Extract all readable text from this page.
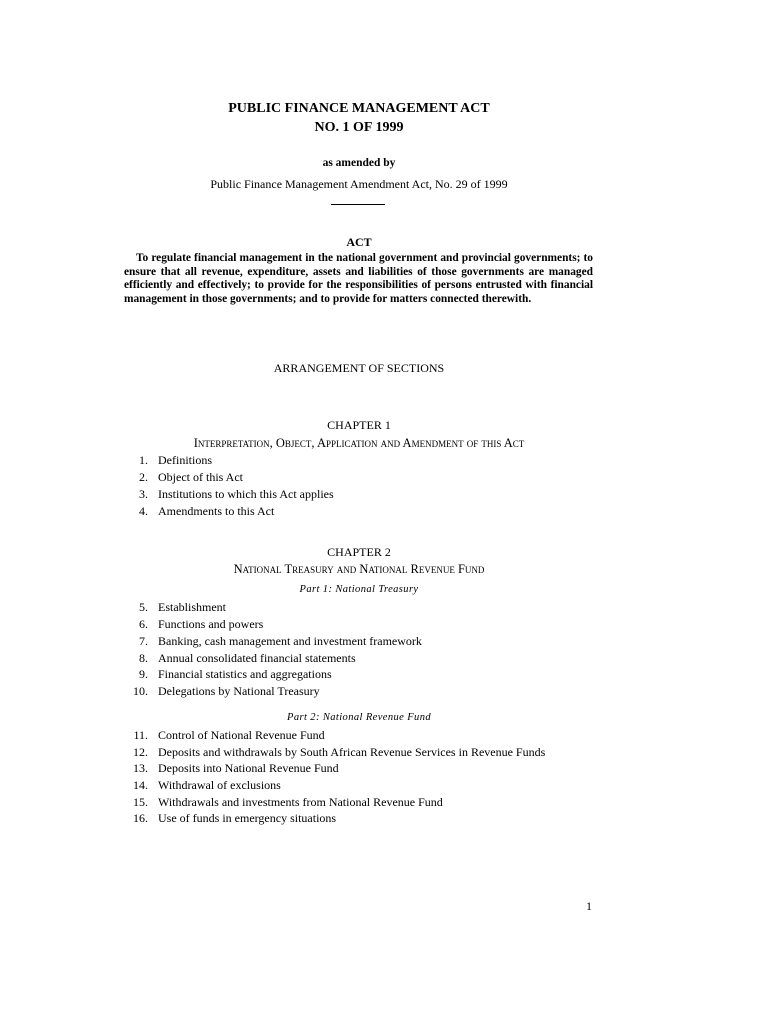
PUBLIC FINANCE MANAGEMENT ACT
NO. 1 OF 1999
as amended by
Public Finance Management Amendment Act, No. 29 of 1999
ACT
To regulate financial management in the national government and provincial governments; to ensure that all revenue, expenditure, assets and liabilities of those governments are managed efficiently and effectively; to provide for the responsibilities of persons entrusted with financial management in those governments; and to provide for matters connected therewith.
ARRANGEMENT OF SECTIONS
CHAPTER 1
Interpretation, Object, Application and Amendment of this Act
1. Definitions
2. Object of this Act
3. Institutions to which this Act applies
4. Amendments to this Act
CHAPTER 2
National Treasury and National Revenue Fund
Part 1: National Treasury
5. Establishment
6. Functions and powers
7. Banking, cash management and investment framework
8. Annual consolidated financial statements
9. Financial statistics and aggregations
10. Delegations by National Treasury
Part 2: National Revenue Fund
11. Control of National Revenue Fund
12. Deposits and withdrawals by South African Revenue Services in Revenue Funds
13. Deposits into National Revenue Fund
14. Withdrawal of exclusions
15. Withdrawals and investments from National Revenue Fund
16. Use of funds in emergency situations
1
